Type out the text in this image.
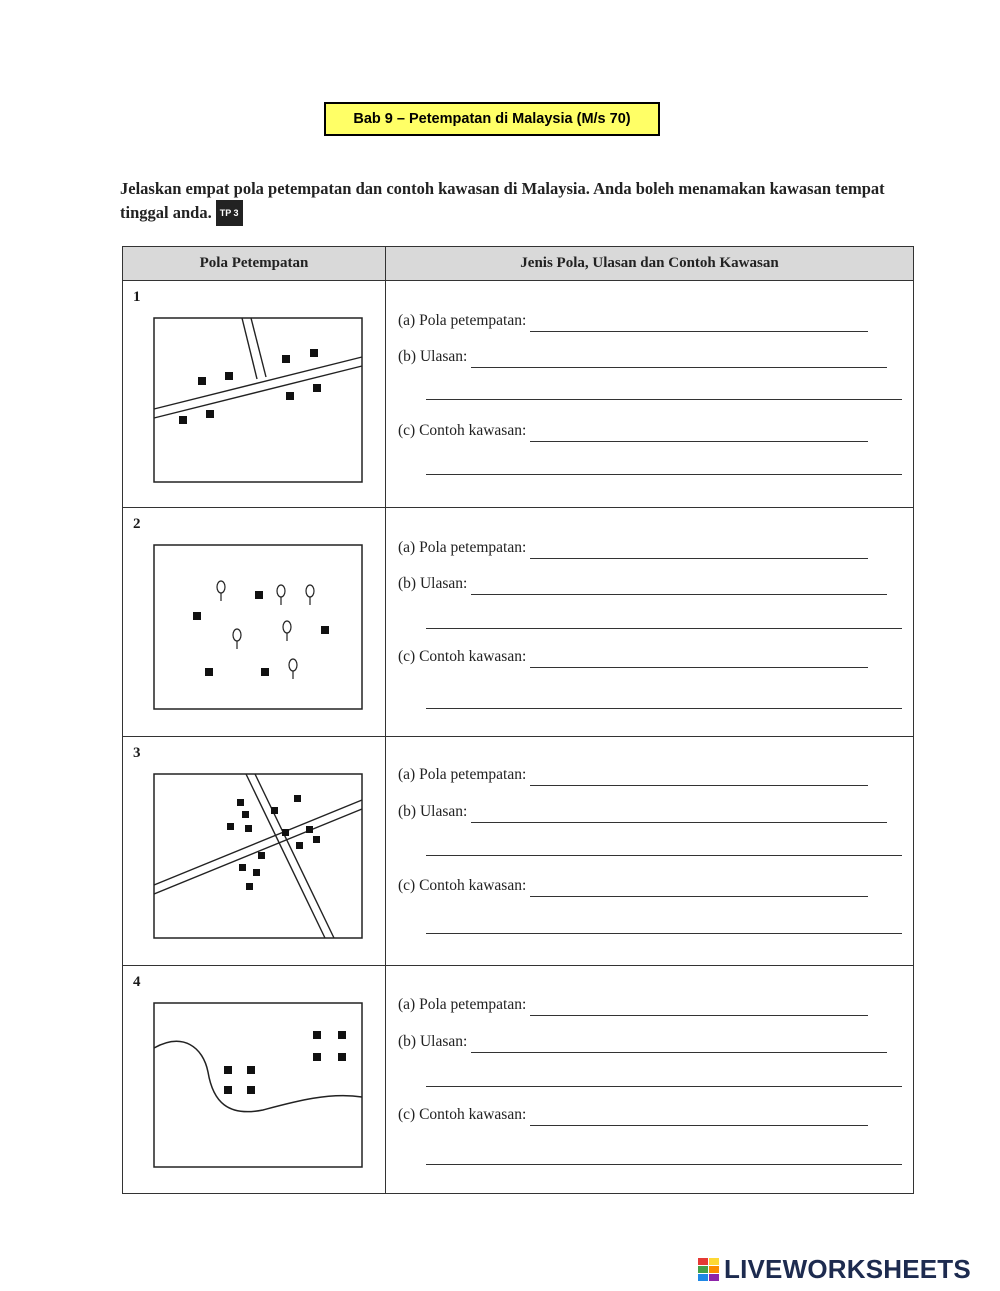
Bab 9 – Petempatan di Malaysia (M/s 70)
Jelaskan empat pola petempatan dan contoh kawasan di Malaysia. Anda boleh menamakan kawasan tempat tinggal anda. TP 3
Pola Petempatan	Jenis Pola, Ulasan dan Contoh Kawasan
1
(a) Pola petempatan:
(b) Ulasan:
(c) Contoh kawasan:
2
(a) Pola petempatan:
(b) Ulasan:
(c) Contoh kawasan:
3
(a) Pola petempatan:
(b) Ulasan:
(c) Contoh kawasan:
4
(a) Pola petempatan:
(b) Ulasan:
(c) Contoh kawasan:
LIVEWORKSHEETS
